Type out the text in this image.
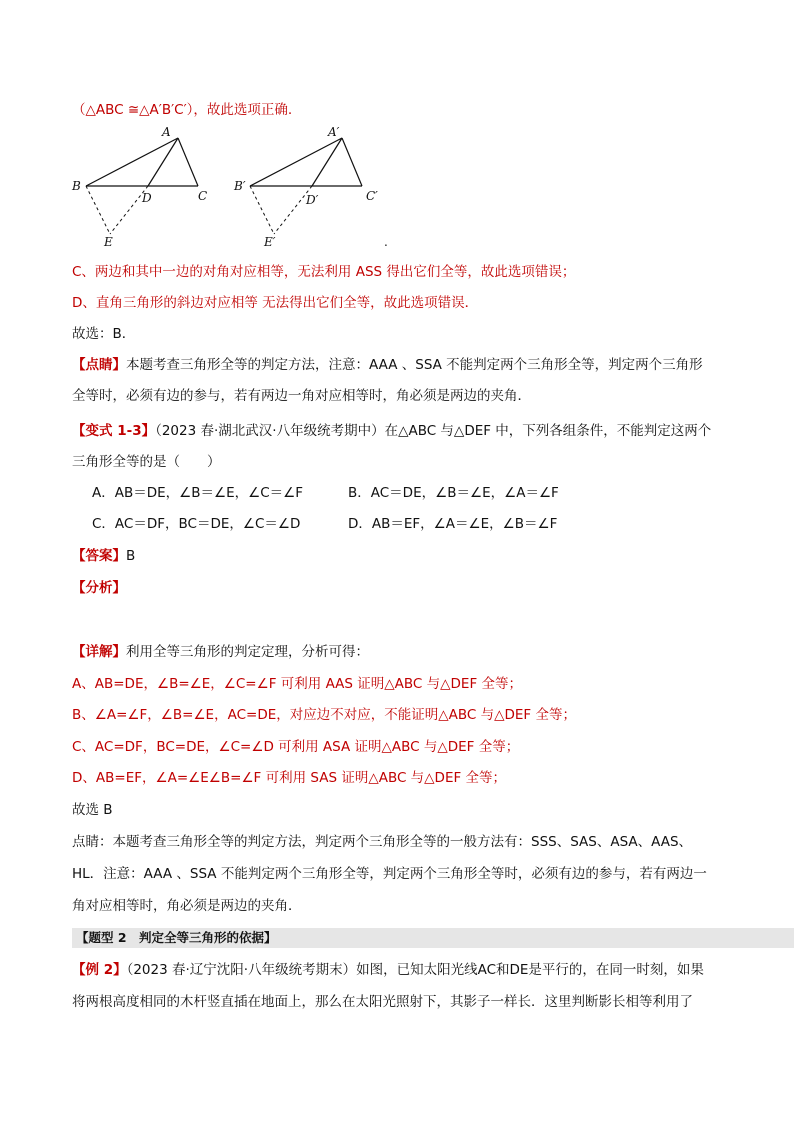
（△ABC ≅△A′B′C′），故此选项正确.
A
B
C
D
E
A′
B′
C′
D′
E′	.
C、两边和其中一边的对角对应相等，无法利用 ASS 得出它们全等，故此选项错误；
D、直角三角形的斜边对应相等 无法得出它们全等，故此选项错误．
故选：B．
【点睛】本题考查三角形全等的判定方法，注意：AAA 、SSA 不能判定两个三角形全等，判定两个三角形
全等时，必须有边的参与，若有两边一角对应相等时，角必须是两边的夹角．
【变式 1-3】（2023 春·湖北武汉·八年级统考期中）在△ABC 与△DEF 中，下列各组条件，不能判定这两个
三角形全等的是（　　）
A．AB＝DE，∠B＝∠E，∠C＝∠F	B．AC＝DE，∠B＝∠E，∠A＝∠F
C．AC＝DF，BC＝DE，∠C＝∠D	D．AB＝EF，∠A＝∠E，∠B＝∠F
【答案】B
【分析】
【详解】利用全等三角形的判定定理，分析可得：
A、AB=DE，∠B=∠E，∠C=∠F 可利用 AAS 证明△ABC 与△DEF 全等；
B、∠A=∠F，∠B=∠E，AC=DE，对应边不对应，不能证明△ABC 与△DEF 全等；
C、AC=DF，BC=DE，∠C=∠D 可利用 ASA 证明△ABC 与△DEF 全等；
D、AB=EF，∠A=∠E∠B=∠F 可利用 SAS 证明△ABC 与△DEF 全等；
故选 B
点睛：本题考查三角形全等的判定方法，判定两个三角形全等的一般方法有：SSS、SAS、ASA、AAS、
HL．注意：AAA 、SSA 不能判定两个三角形全等，判定两个三角形全等时，必须有边的参与，若有两边一
角对应相等时，角必须是两边的夹角．
【题型 2　判定全等三角形的依据】
【例 2】（2023 春·辽宁沈阳·八年级统考期末）如图，已知太阳光线AC和DE是平行的，在同一时刻，如果
将两根高度相同的木杆竖直插在地面上，那么在太阳光照射下，其影子一样长．这里判断影长相等利用了
